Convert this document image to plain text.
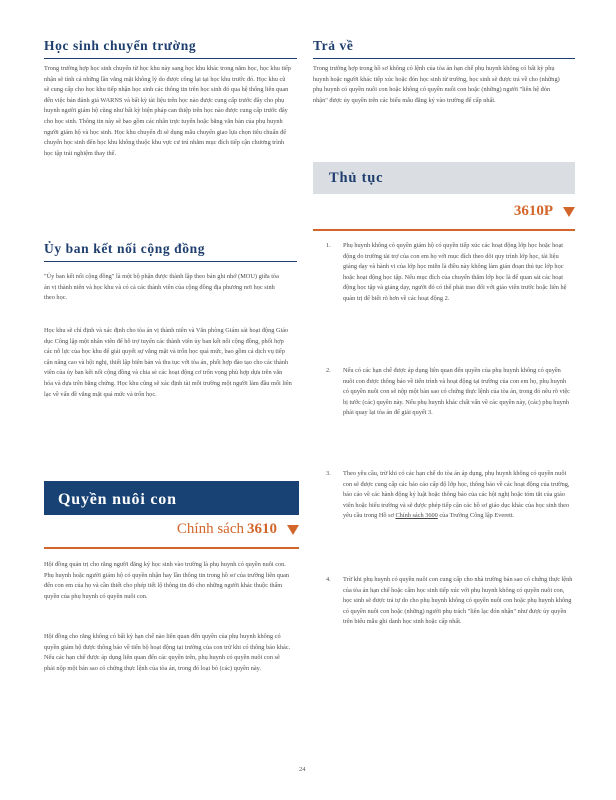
Học sinh chuyển trường

Trong trường hợp học sinh chuyển từ học khu này sang học khu khác trong năm học, học khu tiếp nhận sẽ tính cả những lần vắng mặt không lý do được công lại tại học khu trước đó. Học khu cũ sẽ cung cấp cho học khu tiếp nhận học sinh các thông tin trên học sinh đó qua hệ thống liên quan đến việc bản đánh giá WARNS và bất kỳ tài liệu trên học nào được cung cấp trước đây cho phụ huynh người giám hộ cũng như bất kỳ biện pháp can thiệp trên học nào được cung cấp trước đây cho học sinh. Thông tin này sẽ bao gồm các nhân trực tuyến hoặc bằng văn bản của phụ huynh người giám hộ và học sinh. Học khu chuyển đi sẽ dụng mẫu chuyển giao lựa chọn tiêu chuẩn để chuyển học sinh đến học khu không thuộc khu vực cư trú nhằm mục đích tiếp cận chương trình học tập trải nghiệm thay thế.

Ủy ban kết nối cộng đồng

"Ủy ban kết nối cộng đồng" là một bộ phận được thành lập theo bản ghi nhớ (MOU) giữa tòa án vị thành niên và học khu và có cả các thành viên của cộng đồng địa phương nơi học sinh theo học.

Học khu sẽ chỉ định và xác định cho tòa án vị thành niên và Văn phòng Giám sát hoạt động Giáo dục Công lập một nhân viên để hỗ trợ tuyển các thành viên ủy ban kết nối cộng đồng, phối hợp các nỗ lực của học khu để giải quyết sự vắng mặt và trốn học quá mức, bao gồm cả dịch vụ tiếp cận nâng cao và hội nghị, thiết lập biên bản và thu tục với tòa án, phối hợp đào tạo cho các thành viên của ủy ban kết nối cộng đồng và chia sẻ các hoạt động cơ trốn vọng phù hợp dựa trên văn hóa và dựa trên bằng chứng. Học khu cũng sẽ xác định tài mỗi trường một người làm đầu mối liên lạc về vấn đề vắng mặt quá mức và trốn học.

Quyền nuôi con
Chính sách 3610

Hội đồng quản trị cho rằng người đăng ký học sinh vào trường là phụ huynh có quyền nuôi con. Phụ huynh hoặc người giám hộ có quyền nhận hay lần thông tin trong hồ sơ của trường liên quan đến con em của họ và cần thiết cho phép tiết lộ thông tin đó cho những người khác thuộc thẩm quyền của phụ huynh có quyền nuôi con.

Hội đồng cho rằng không có bất kỳ hạn chế nào liên quan đến quyền của phụ huynh không có quyền giám hộ được thông báo về tiến bộ hoạt động tại trường của con trừ khi có thông báo khác. Nếu các hạn chế được áp dụng liên quan đến các quyền trên, phụ huynh có quyền nuôi con sẽ phải nộp một bản sao có chứng thực lệnh của tòa án, trong đó loại bỏ (các) quyền này.

Trả về

Trong trường hợp trong hồ sơ không có lệnh của tòa án hạn chế phụ huynh không có bất kỳ phụ huynh hoặc người khác tiếp xúc hoặc đón học sinh từ trường, học sinh sẽ được trả về cho (những) phụ huynh có quyền nuôi con hoặc không có quyền nuôi con hoặc (những) người "liên hệ đón nhận" được ủy quyền trên các biểu mẫu đăng ký vào trường để cấp nhất.

Thủ tục
3610P
1. Phụ huynh không có quyền giám hộ có quyền tiếp xúc các hoạt động lớp học hoặc hoạt động do trường tài trợ của con em họ với mục đích theo dõi quy trình lớp học, tài liệu giảng dạy và hành vi của lớp học miễn là điều này không làm gián đoạn thủ tục lớp học hoặc hoạt động học tập. Nếu mục đích của chuyến thăm lớp học là để quan sát các hoạt động học tập và giảng dạy, người đó có thể phải trao đổi với giáo viên trước hoặc liên hệ quản trị để biết rõ hơn về các hoạt động 2.
2. Nếu có các hạn chế được áp dụng liên quan đến quyền của phụ huynh không có quyền nuôi con được thông báo về tiến trình và hoạt động tại trường của con em họ, phụ huynh có quyền nuôi con sẽ nộp một bản sao có chứng thực lệnh của tòa án, trong đó nêu rõ việc bị tước (các) quyền này. Nếu phụ huynh khác chất vấn về các quyền này, (các) phụ huynh phải quay lại tòa án để giải quyết 3.
3. Theo yêu cầu, trừ khi có các hạn chế do tòa án áp dụng, phụ huynh không có quyền nuôi con sẽ được cung cấp các báo cáo cấp độ lớp học, thông báo về các hoạt động của trường, báo cáo về các hành động kỷ luật hoặc thông báo của các hội nghị hoặc tóm tắt của giáo viên hoặc biểu trường và sẽ được phép tiếp cận các hồ sơ giáo dục khác của học sinh theo yêu cầu trong Hồ sơ Chính sách 3600 của Trường Công lập Everett.
4. Trừ khi phụ huynh có quyền nuôi con cung cấp cho nhà trường bản sao có chứng thực lệnh của tòa án hạn chế hoặc cấm học sinh tiếp xúc với phụ huynh không có quyền nuôi con, học sinh sẽ được trả tự do cho phụ huynh không có quyền nuôi con hoặc phụ huynh không có quyền nuôi con hoặc (những) người phụ trách "liên lạc đón nhận" như được ủy quyền trên biểu mẫu ghi danh học sinh hoặc cấp nhất.
24
